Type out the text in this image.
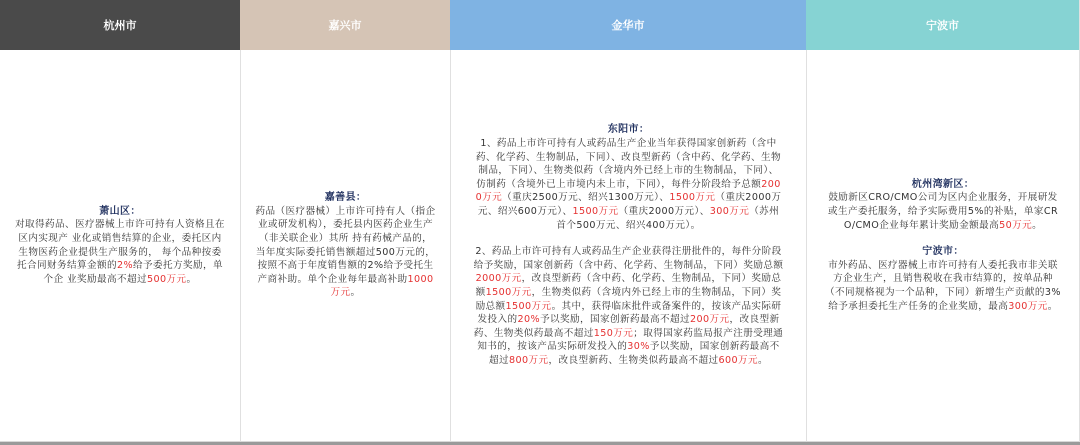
杭州市
萧山区：
对取得药品、医疗器械上市许可持有人资格且在区内实现产 业化或销售结算的企业，委托区内生物医药企业提供生产服务的， 每个品种按委托合同财务结算金额的2%给予委托方奖励，单个企 业奖励最高不超过500万元。
嘉兴市
嘉善县：
药品（医疗器械）上市许可持有人（指企业或研发机构），委托县内医药企业生产（非关联企业）其所 持有药械产品的，当年度实际委托销售额超过500万元的，按照不高于年度销售额的2%给予受托生产商补助。单个企业每年最高补助1000万元。
金华市
东阳市：
1、药品上市许可持有人或药品生产企业当年获得国家创新药（含中药、化学药、生物制品，下同）、改良型新药（含中药、化学药、生物制品，下同）、生物类似药（含境内外已经上市的生物制品，下同）、仿制药（含境外已上市境内未上市，下同），每件分阶段给予总额2000万元（重庆2500万元、绍兴1300万元）、1500万元（重庆2000万元、绍兴600万元）、1500万元（重庆2000万元）、300万元（苏州首个500万元、绍兴400万元）。
2、药品上市许可持有人或药品生产企业获得注册批件的，每件分阶段给予奖励，国家创新药（含中药、化学药、生物制品，下同）奖励总额2000万元，改良型新药（含中药、化学药、生物制品，下同）奖励总额1500万元，生物类似药（含境内外已经上市的生物制品，下同）奖励总额1500万元。其中，获得临床批件或备案件的，按该产品实际研发投入的20%予以奖励，国家创新药最高不超过200万元，改良型新药、生物类似药最高不超过150万元；取得国家药监局报产注册受理通知书的，按该产品实际研发投入的30%予以奖励，国家创新药最高不超过800万元，改良型新药、生物类似药最高不超过600万元。
宁波市
杭州湾新区：
鼓励新区CRO/CMO公司为区内企业服务，开展研发或生产委托服务，给予实际费用5%的补贴，单家CRO/CMO企业每年累计奖励金额最高50万元。
宁波市：
市外药品、医疗器械上市许可持有人委托我市非关联方企业生产，且销售税收在我市结算的，按单品种（不同规格视为一个品种，下同）新增生产贡献的3%给予承担委托生产任务的企业奖励，最高300万元。
